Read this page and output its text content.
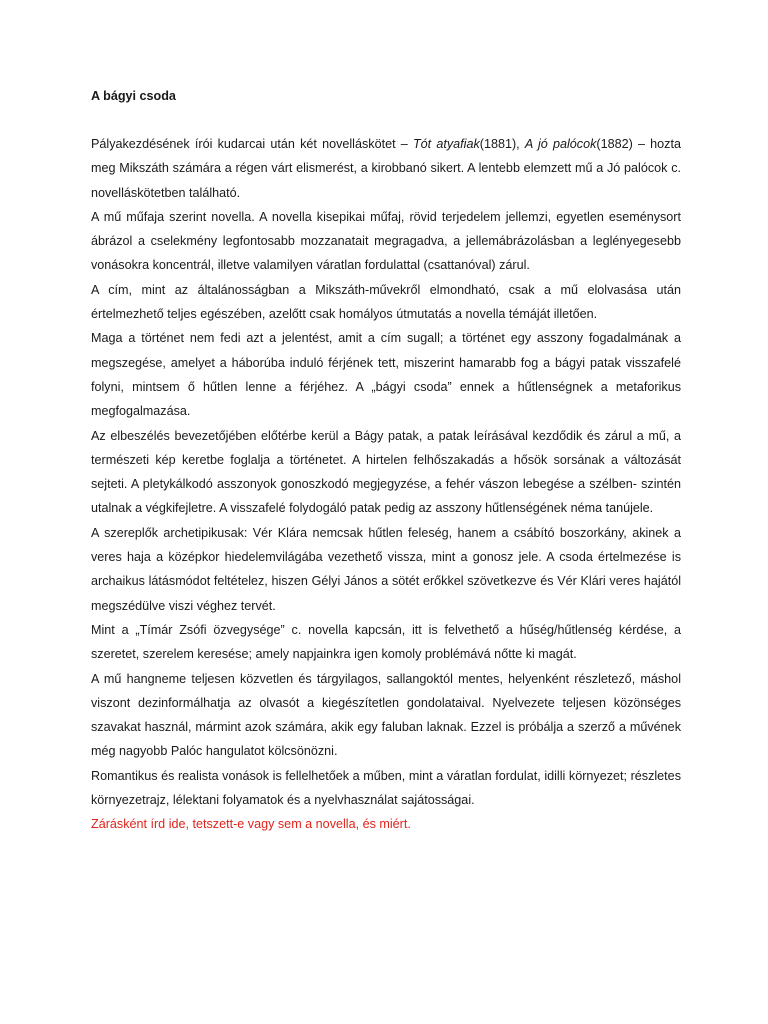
A bágyi csoda

Pályakezdésének írói kudarcai után két novelláskötet – Tót atyafiak(1881), A jó palócok(1882) – hozta meg Mikszáth számára a régen várt elismerést, a kirobbanó sikert. A lentebb elemzett mű a Jó palócok c. novelláskötetben található.

A mű műfaja szerint novella. A novella kisepikai műfaj, rövid terjedelem jellemzi, egyetlen eseménysort ábrázol a cselekmény legfontosabb mozzanatait megragadva, a jellemábrázolásban a leglényegesebb vonásokra koncentrál, illetve valamilyen váratlan fordulattal (csattanóval) zárul.

A cím, mint az általánosságban a Mikszáth-művekről elmondható, csak a mű elolvasása után értelmezhető teljes egészében, azelőtt csak homályos útmutatás a novella témáját illetően.

Maga a történet nem fedi azt a jelentést, amit a cím sugall; a történet egy asszony fogadalmának a megszegése, amelyet a háborúba induló férjének tett, miszerint hamarabb fog a bágyi patak visszafelé folyni, mintsem ő hűtlen lenne a férjéhez. A „bágyi csoda” ennek a hűtlenségnek a metaforikus megfogalmazása.

Az elbeszélés bevezetőjében előtérbe kerül a Bágy patak, a patak leírásával kezdődik és zárul a mű, a természeti kép keretbe foglalja a történetet. A hirtelen felhőszakadás a hősök sorsának a változását sejteti. A pletykálkodó asszonyok gonoszkodó megjegyzése, a fehér vászon lebegése a szélben- szintén utalnak a végkifejletre. A visszafelé folydogáló patak pedig az asszony hűtlenségének néma tanújele.

A szereplők archetipikusak: Vér Klára nemcsak hűtlen feleség, hanem a csábító boszorkány, akinek a veres haja a középkor hiedelemvilágába vezethető vissza, mint a gonosz jele. A csoda értelmezése is archaikus látásmódot feltételez, hiszen Gélyi János a sötét erőkkel szövetkezve és Vér Klári veres hajától megszédülve viszi véghez tervét.

Mint a „Tímár Zsófi özvegysége” c. novella kapcsán, itt is felvethető a hűség/hűtlenség kérdése, a szeretet, szerelem keresése; amely napjainkra igen komoly problémává nőtte ki magát.

A mű hangneme teljesen közvetlen és tárgyilagos, sallangoktól mentes, helyenként részletező, máshol viszont dezinformálhatja az olvasót a kiegészítetlen gondolataival. Nyelvezete teljesen közönséges szavakat használ, mármint azok számára, akik egy faluban laknak. Ezzel is próbálja a szerző a művének még nagyobb Palóc hangulatot kölcsönözni.

Romantikus és realista vonások is fellelhetőek a műben, mint a váratlan fordulat, idilli környezet; részletes környezetrajz, lélektani folyamatok és a nyelvhasználat sajátosságai.

Zárásként írd ide, tetszett-e vagy sem a novella, és miért.
